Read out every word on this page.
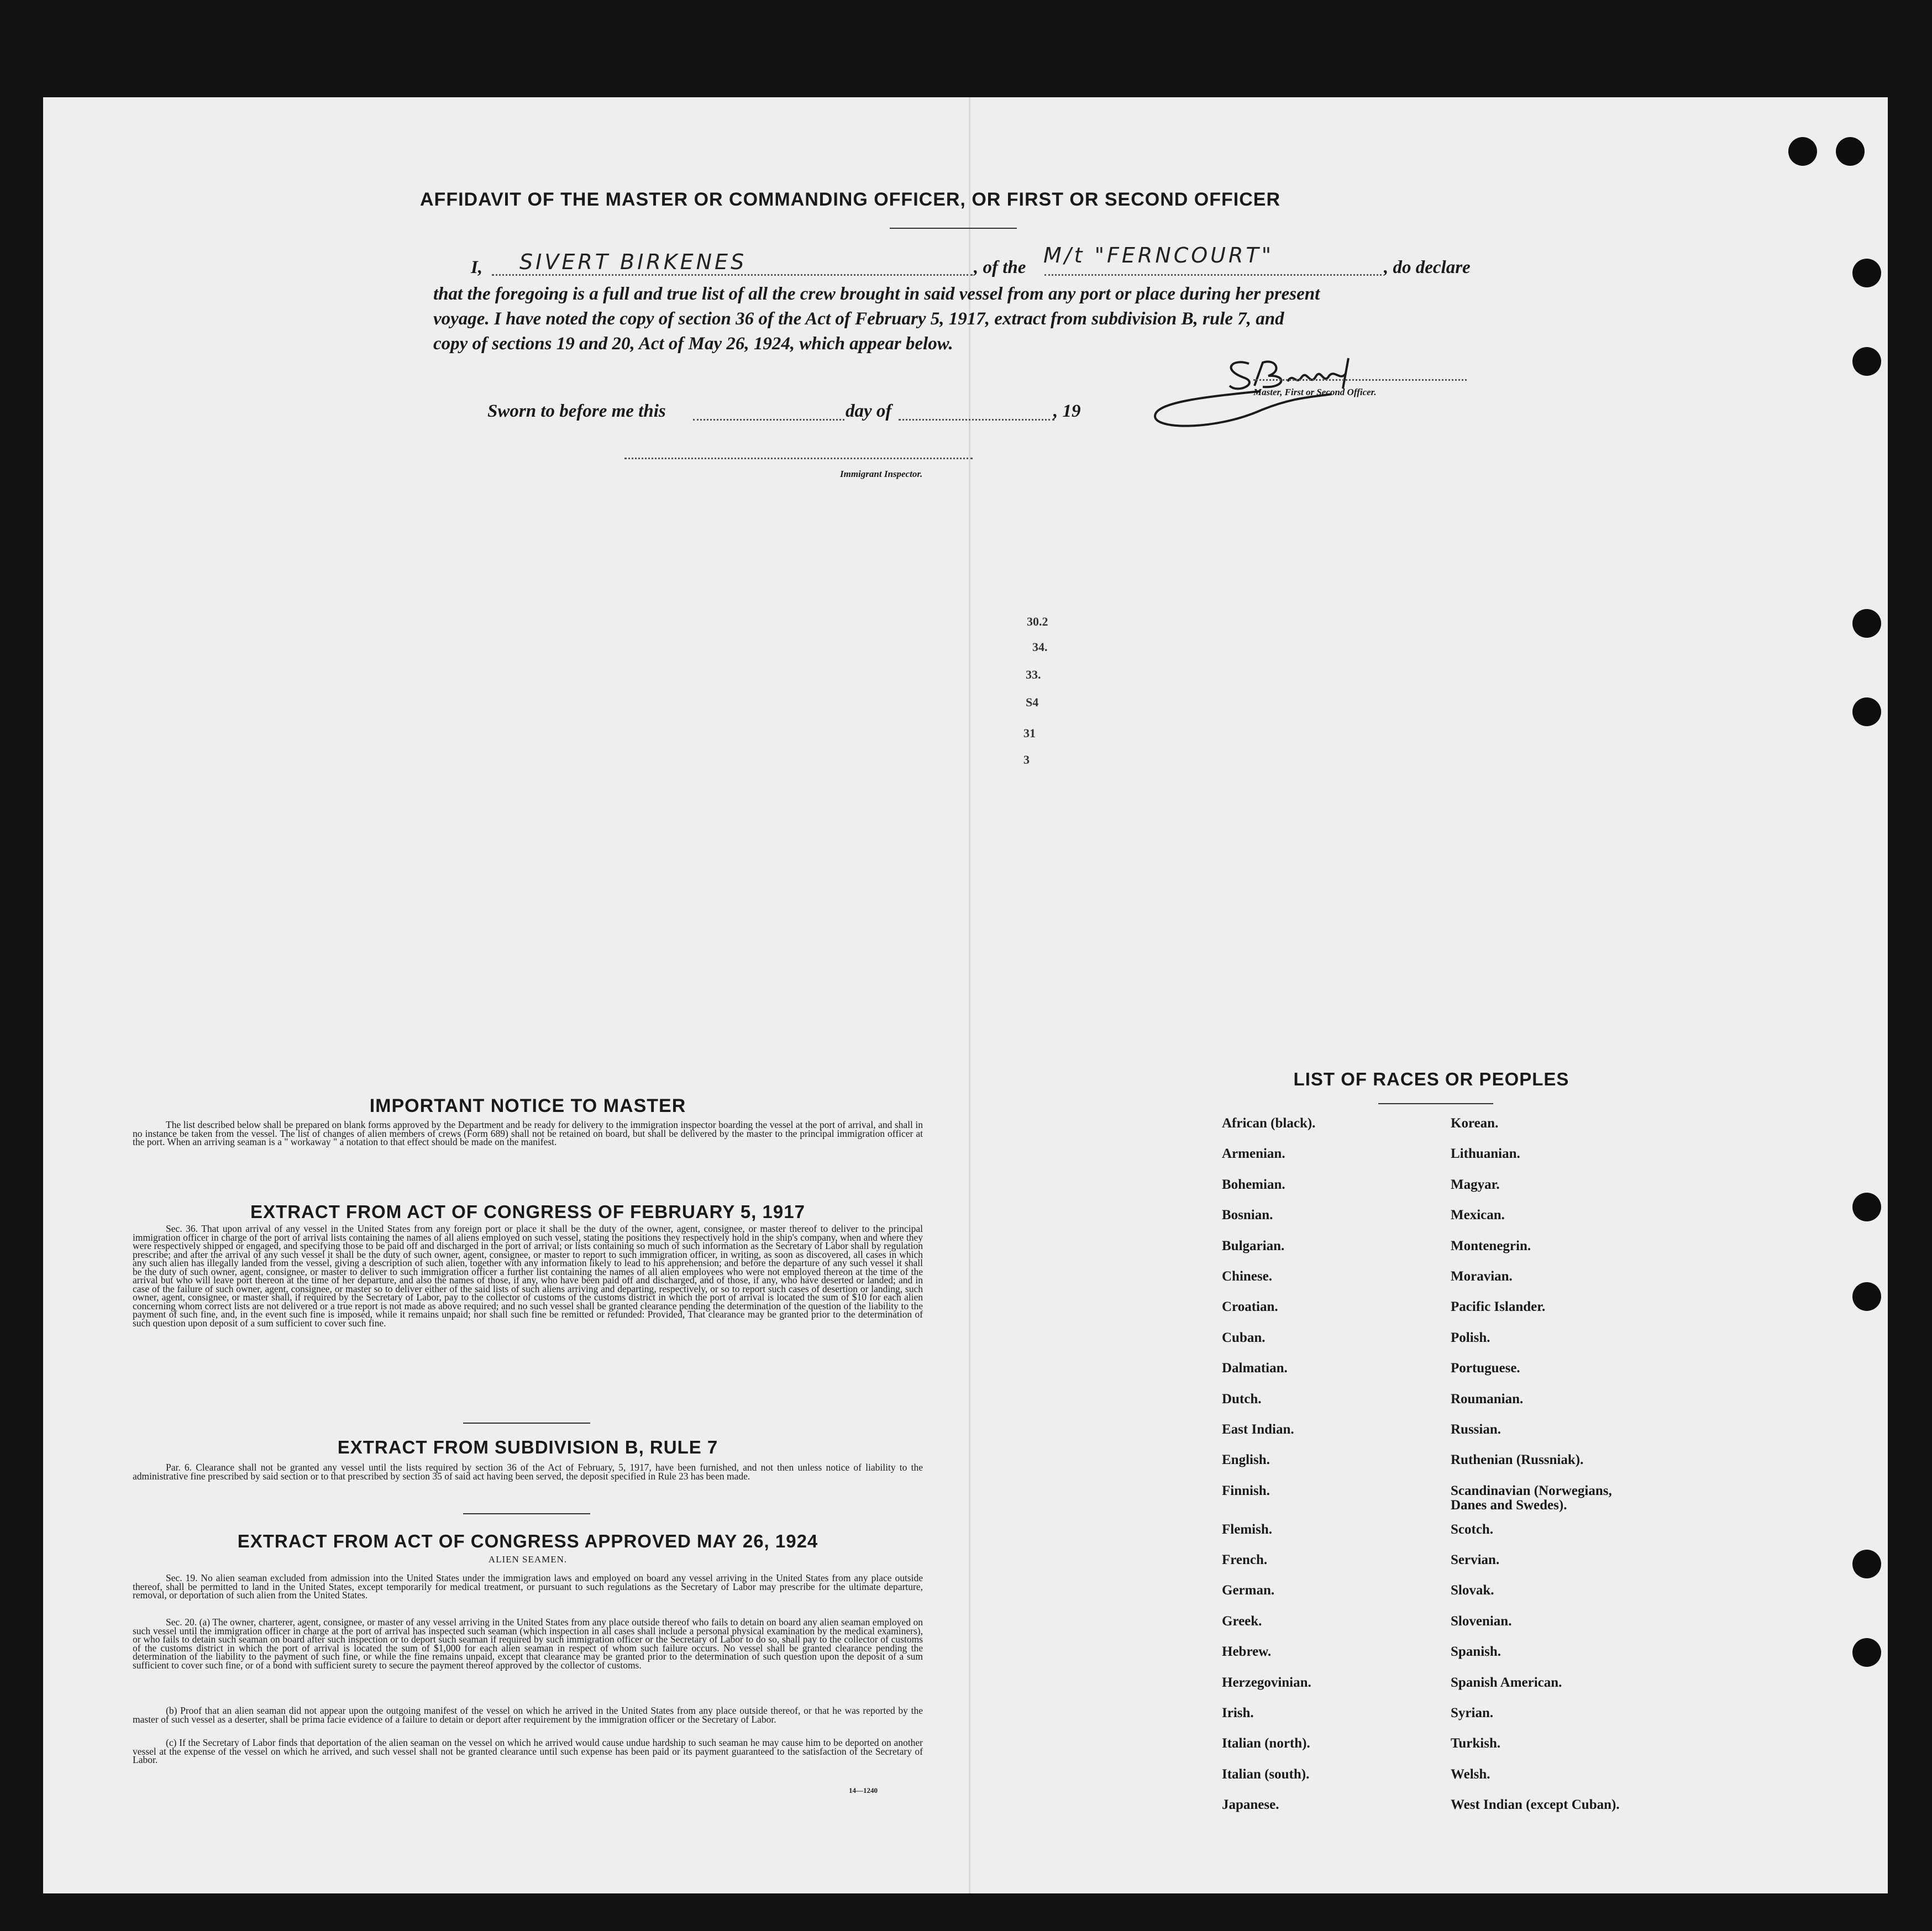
AFFIDAVIT OF THE MASTER OR COMMANDING OFFICER, OR FIRST OR SECOND OFFICER
I, SIVERT BIRKENES	, of the M/t "FERNCOURT"	, do declare
that the foregoing is a full and true list of all the crew brought in said vessel from any port or place during her present
voyage. I have noted the copy of section 36 of the Act of February 5, 1917, extract from subdivision B, rule 7, and
copy of sections 19 and 20, Act of May 26, 1924, which appear below.
Master, First or Second Officer.
Sworn to before me this	day of	, 19
Immigrant Inspector.
30.2
34.
33.
S4
31
3
IMPORTANT NOTICE TO MASTER

The list described below shall be prepared on blank forms approved by the Department and be ready for delivery to the immigration inspector boarding the vessel at the port of arrival, and shall in no instance be taken from the vessel. The list of changes of alien members of crews (Form 689) shall not be retained on board, but shall be delivered by the master to the principal immigration officer at the port. When an arriving seaman is a " workaway " a notation to that effect should be made on the manifest.

EXTRACT FROM ACT OF CONGRESS OF FEBRUARY 5, 1917

Sec. 36. That upon arrival of any vessel in the United States from any foreign port or place it shall be the duty of the owner, agent, consignee, or master thereof to deliver to the principal immigration officer in charge of the port of arrival lists containing the names of all aliens employed on such vessel, stating the positions they respectively hold in the ship's company, when and where they were respectively shipped or engaged, and specifying those to be paid off and discharged in the port of arrival; or lists containing so much of such information as the Secretary of Labor shall by regulation prescribe; and after the arrival of any such vessel it shall be the duty of such owner, agent, consignee, or master to report to such immigration officer, in writing, as soon as discovered, all cases in which any such alien has illegally landed from the vessel, giving a description of such alien, together with any information likely to lead to his apprehension; and before the departure of any such vessel it shall be the duty of such owner, agent, consignee, or master to deliver to such immigration officer a further list containing the names of all alien employees who were not employed thereon at the time of the arrival but who will leave port thereon at the time of her departure, and also the names of those, if any, who have been paid off and discharged, and of those, if any, who have deserted or landed; and in case of the failure of such owner, agent, consignee, or master so to deliver either of the said lists of such aliens arriving and departing, respectively, or so to report such cases of desertion or landing, such owner, agent, consignee, or master shall, if required by the Secretary of Labor, pay to the collector of customs of the customs district in which the port of arrival is located the sum of $10 for each alien concerning whom correct lists are not delivered or a true report is not made as above required; and no such vessel shall be granted clearance pending the determination of the question of the liability to the payment of such fine, and, in the event such fine is imposed, while it remains unpaid; nor shall such fine be remitted or refunded: Provided, That clearance may be granted prior to the determination of such question upon deposit of a sum sufficient to cover such fine.

EXTRACT FROM SUBDIVISION B, RULE 7

Par. 6. Clearance shall not be granted any vessel until the lists required by section 36 of the Act of February, 5, 1917, have been furnished, and not then unless notice of liability to the administrative fine prescribed by said section or to that prescribed by section 35 of said act having been served, the deposit specified in Rule 23 has been made.

EXTRACT FROM ACT OF CONGRESS APPROVED MAY 26, 1924
ALIEN SEAMEN.

Sec. 19. No alien seaman excluded from admission into the United States under the immigration laws and employed on board any vessel arriving in the United States from any place outside thereof, shall be permitted to land in the United States, except temporarily for medical treatment, or pursuant to such regulations as the Secretary of Labor may prescribe for the ultimate departure, removal, or deportation of such alien from the United States.

Sec. 20. (a) The owner, charterer, agent, consignee, or master of any vessel arriving in the United States from any place outside thereof who fails to detain on board any alien seaman employed on such vessel until the immigration officer in charge at the port of arrival has inspected such seaman (which inspection in all cases shall include a personal physical examination by the medical examiners), or who fails to detain such seaman on board after such inspection or to deport such seaman if required by such immigration officer or the Secretary of Labor to do so, shall pay to the collector of customs of the customs district in which the port of arrival is located the sum of $1,000 for each alien seaman in respect of whom such failure occurs. No vessel shall be granted clearance pending the determination of the liability to the payment of such fine, or while the fine remains unpaid, except that clearance may be granted prior to the determination of such question upon the deposit of a sum sufficient to cover such fine, or of a bond with sufficient surety to secure the payment thereof approved by the collector of customs.

(b) Proof that an alien seaman did not appear upon the outgoing manifest of the vessel on which he arrived in the United States from any place outside thereof, or that he was reported by the master of such vessel as a deserter, shall be prima facie evidence of a failure to detain or deport after requirement by the immigration officer or the Secretary of Labor.

(c) If the Secretary of Labor finds that deportation of the alien seaman on the vessel on which he arrived would cause undue hardship to such seaman he may cause him to be deported on another vessel at the expense of the vessel on which he arrived, and such vessel shall not be granted clearance until such expense has been paid or its payment guaranteed to the satisfaction of the Secretary of Labor.

14—1240
LIST OF RACES OR PEOPLES
African (black).	Korean.
Armenian.	Lithuanian.
Bohemian.	Magyar.
Bosnian.	Mexican.
Bulgarian.	Montenegrin.
Chinese.	Moravian.
Croatian.	Pacific Islander.
Cuban.	Polish.
Dalmatian.	Portuguese.
Dutch.	Roumanian.
East Indian.	Russian.
English.	Ruthenian (Russniak).
Finnish.	Scandinavian (Norwegians,
Danes and Swedes).
Flemish.	Scotch.
French.	Servian.
German.	Slovak.
Greek.	Slovenian.
Hebrew.	Spanish.
Herzegovinian.	Spanish American.
Irish.	Syrian.
Italian (north).	Turkish.
Italian (south).	Welsh.
Japanese.	West Indian (except Cuban).
